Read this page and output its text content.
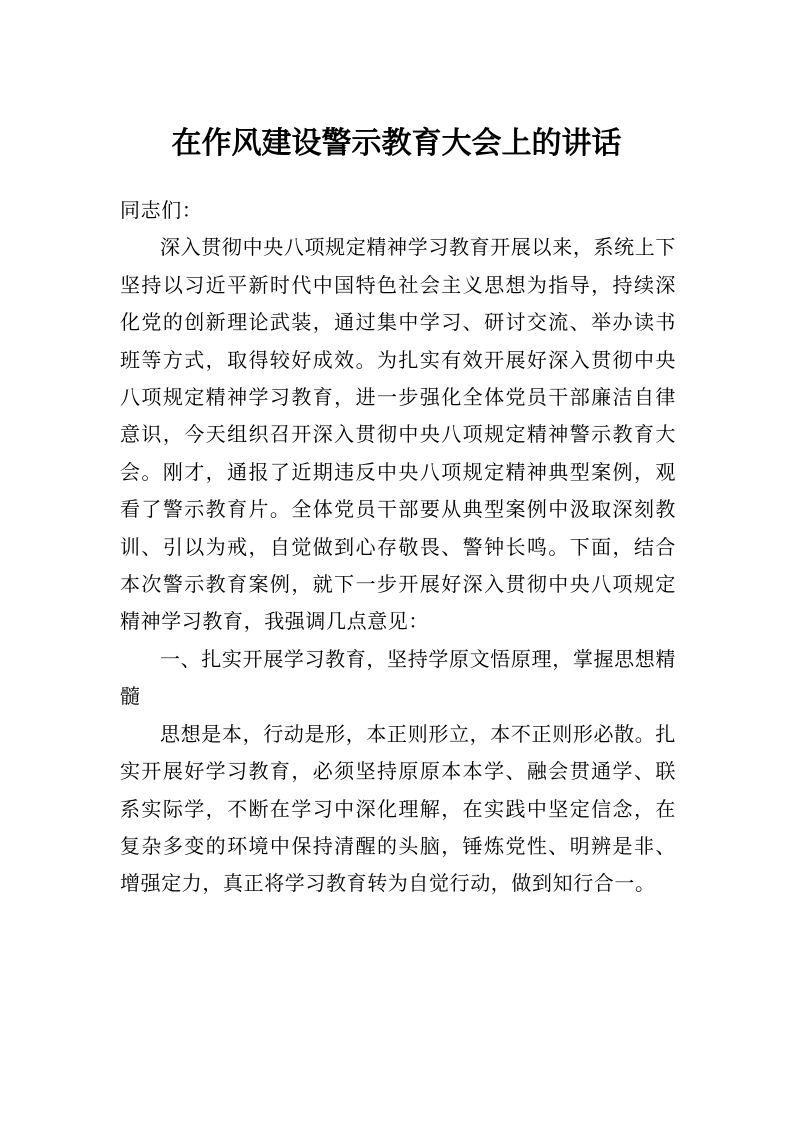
在作风建设警示教育大会上的讲话

同志们：

深入贯彻中央八项规定精神学习教育开展以来，系统上下坚持以习近平新时代中国特色社会主义思想为指导，持续深化党的创新理论武装，通过集中学习、研讨交流、举办读书班等方式，取得较好成效。为扎实有效开展好深入贯彻中央八项规定精神学习教育，进一步强化全体党员干部廉洁自律意识，今天组织召开深入贯彻中央八项规定精神警示教育大会。刚才，通报了近期违反中央八项规定精神典型案例，观看了警示教育片。全体党员干部要从典型案例中汲取深刻教训、引以为戒，自觉做到心存敬畏、警钟长鸣。下面，结合本次警示教育案例，就下一步开展好深入贯彻中央八项规定精神学习教育，我强调几点意见：

一、扎实开展学习教育，坚持学原文悟原理，掌握思想精髓

思想是本，行动是形，本正则形立，本不正则形必散。扎实开展好学习教育，必须坚持原原本本学、融会贯通学、联系实际学，不断在学习中深化理解，在实践中坚定信念，在复杂多变的环境中保持清醒的头脑，锤炼党性、明辨是非、增强定力，真正将学习教育转为自觉行动，做到知行合一。
